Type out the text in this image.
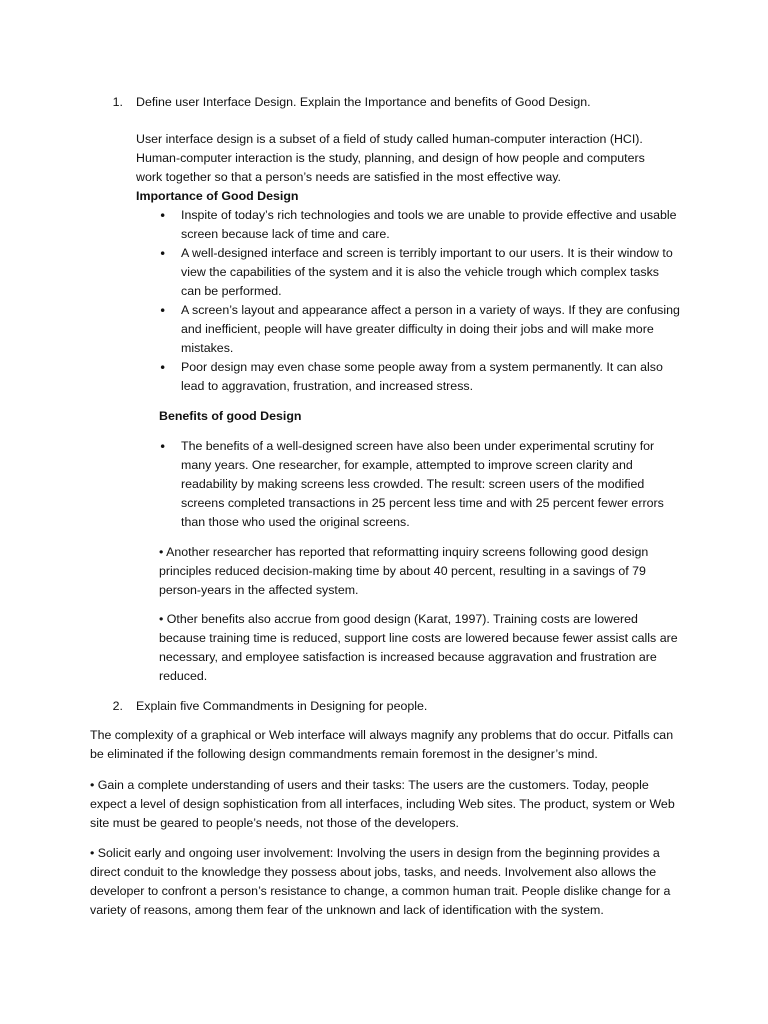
1. Define user Interface Design. Explain the Importance and benefits of Good Design.

User interface design is a subset of a field of study called human-computer interaction (HCI). Human-computer interaction is the study, planning, and design of how people and computers work together so that a person’s needs are satisfied in the most effective way.

Importance of Good Design

•	Inspite of today’s rich technologies and tools we are unable to provide effective and usable screen because lack of time and care.
•	A well-designed interface and screen is terribly important to our users. It is their window to view the capabilities of the system and it is also the vehicle trough which complex tasks can be performed.
•	A screen’s layout and appearance affect a person in a variety of ways. If they are confusing and inefficient, people will have greater difficulty in doing their jobs and will make more mistakes.
•	Poor design may even chase some people away from a system permanently. It can also lead to aggravation, frustration, and increased stress.

Benefits of good Design

•	The benefits of a well-designed screen have also been under experimental scrutiny for many years. One researcher, for example, attempted to improve screen clarity and readability by making screens less crowded. The result: screen users of the modified screens completed transactions in 25 percent less time and with 25 percent fewer errors than those who used the original screens.

• Another researcher has reported that reformatting inquiry screens following good design principles reduced decision-making time by about 40 percent, resulting in a savings of 79 person-years in the affected system.

• Other benefits also accrue from good design (Karat, 1997). Training costs are lowered because training time is reduced, support line costs are lowered because fewer assist calls are necessary, and employee satisfaction is increased because aggravation and frustration are reduced.

2. Explain five Commandments in Designing for people.

The complexity of a graphical or Web interface will always magnify any problems that do occur. Pitfalls can be eliminated if the following design commandments remain foremost in the designer’s mind.

• Gain a complete understanding of users and their tasks: The users are the customers. Today, people expect a level of design sophistication from all interfaces, including Web sites. The product, system or Web site must be geared to people’s needs, not those of the developers.

• Solicit early and ongoing user involvement: Involving the users in design from the beginning provides a direct conduit to the knowledge they possess about jobs, tasks, and needs. Involvement also allows the developer to confront a person’s resistance to change, a common human trait. People dislike change for a variety of reasons, among them fear of the unknown and lack of identification with the system.
